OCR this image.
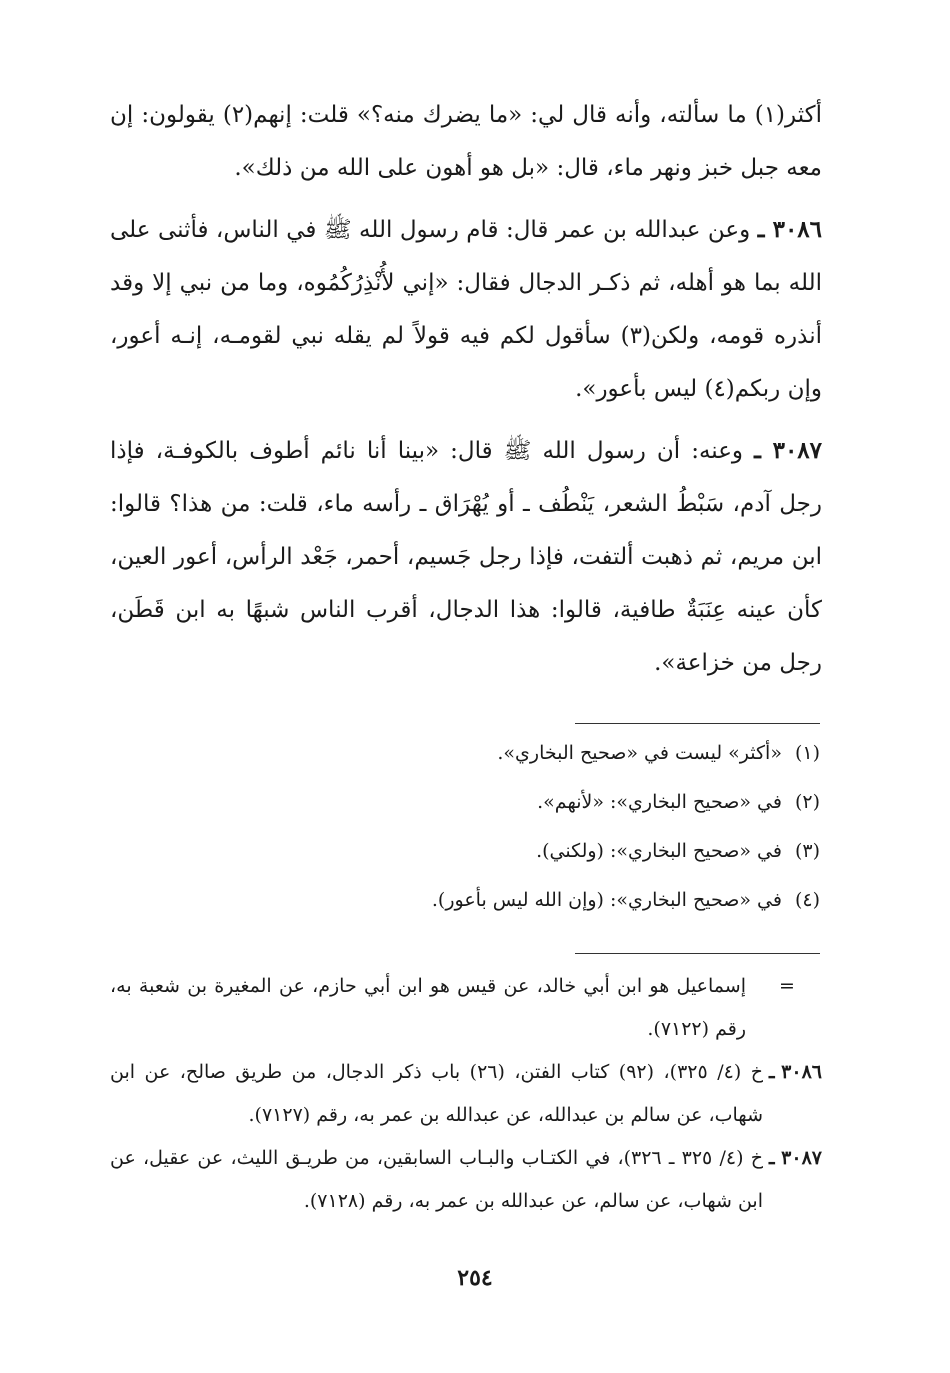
أكثر(١) ما سألته، وأنه قال لي: «ما يضرك منه؟» قلت: إنهم(٢) يقولون: إن معه جبل خبز ونهر ماء، قال: «بل هو أهون على الله من ذلك».

٣٠٨٦ ـ وعن عبدالله بن عمر قال: قام رسول الله ﷺ في الناس، فأثنى على الله بما هو أهله، ثم ذكـر الدجال فقال: «إني لأُنْذِرُكُمُوه، وما من نبي إلا وقد أنذره قومه، ولكن(٣) سأقول لكم فيه قولاً لم يقله نبي لقومـه، إنـه أعور، وإن ربكم(٤) ليس بأعور».

٣٠٨٧ ـ وعنه: أن رسول الله ﷺ قال: «بينا أنا نائم أطوف بالكوفـة، فإذا رجل آدم، سَبْطُ الشعر، يَنْطُف ـ أو يُهْرَاق ـ رأسه ماء، قلت: من هذا؟ قالوا: ابن مريم، ثم ذهبت ألتفت، فإذا رجل جَسيم، أحمر، جَعْد الرأس، أعور العين، كأن عينه عِنَبَةٌ طافية، قالوا: هذا الدجال، أقرب الناس شبهًا به ابن قَطَن، رجل من خزاعة».

(١) «أكثر» ليست في «صحيح البخاري».
(٢) في «صحيح البخاري»: «لأنهم».
(٣) في «صحيح البخاري»: (ولكني).
(٤) في «صحيح البخاري»: (وإن الله ليس بأعور).
=
إسماعيل هو ابن أبي خالد، عن قيس هو ابن أبي حازم، عن المغيرة بن شعبة به، رقم (٧١٢٢).
٣٠٨٦ ـ
خ (٤/ ٣٢٥)، (٩٢) كتاب الفتن، (٢٦) باب ذكر الدجال، من طريق صالح، عن ابن شهاب، عن سالم بن عبدالله، عن عبدالله بن عمر به، رقم (٧١٢٧).
٣٠٨٧ ـ
خ (٤/ ٣٢٥ ـ ٣٢٦)، في الكتـاب والبـاب السابقين، من طريـق الليث، عن عقيل، عن ابن شهاب، عن سالم، عن عبدالله بن عمر به، رقم (٧١٢٨).
٢٥٤
